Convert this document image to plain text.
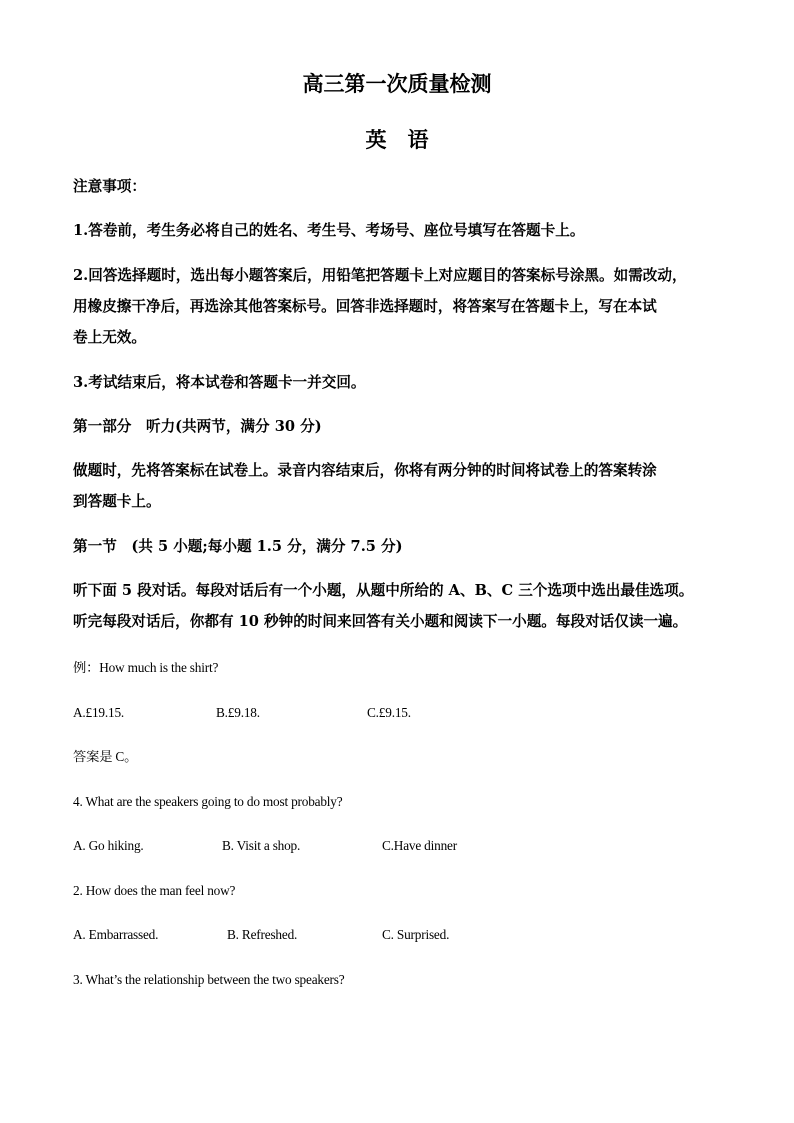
高三第一次质量检测
英　语
注意事项：
1.答卷前，考生务必将自己的姓名、考生号、考场号、座位号填写在答题卡上。
2.回答选择题时，选出每小题答案后，用铅笔把答题卡上对应题目的答案标号涂黑。如需改动，
用橡皮擦干净后，再选涂其他答案标号。回答非选择题时，将答案写在答题卡上，写在本试
卷上无效。
3.考试结束后，将本试卷和答题卡一并交回。
第一部分　听力(共两节，满分 30 分)
做题时，先将答案标在试卷上。录音内容结束后，你将有两分钟的时间将试卷上的答案转涂
到答题卡上。
第一节　(共 5 小题;每小题 1.5 分，满分 7.5 分)
听下面 5 段对话。每段对话后有一个小题，从题中所给的 A、B、C 三个选项中选出最佳选项。
听完每段对话后，你都有 10 秒钟的时间来回答有关小题和阅读下一小题。每段对话仅读一遍。
例：How much is the shirt?
A.£19.15.	B.£9.18.	C.£9.15.
答案是 C。
4. What are the speakers going to do most probably?
A. Go hiking.	B. Visit a shop.	C.Have dinner
2. How does the man feel now?
A. Embarrassed.	B. Refreshed.	C. Surprised.
3. What’s the relationship between the two speakers?
